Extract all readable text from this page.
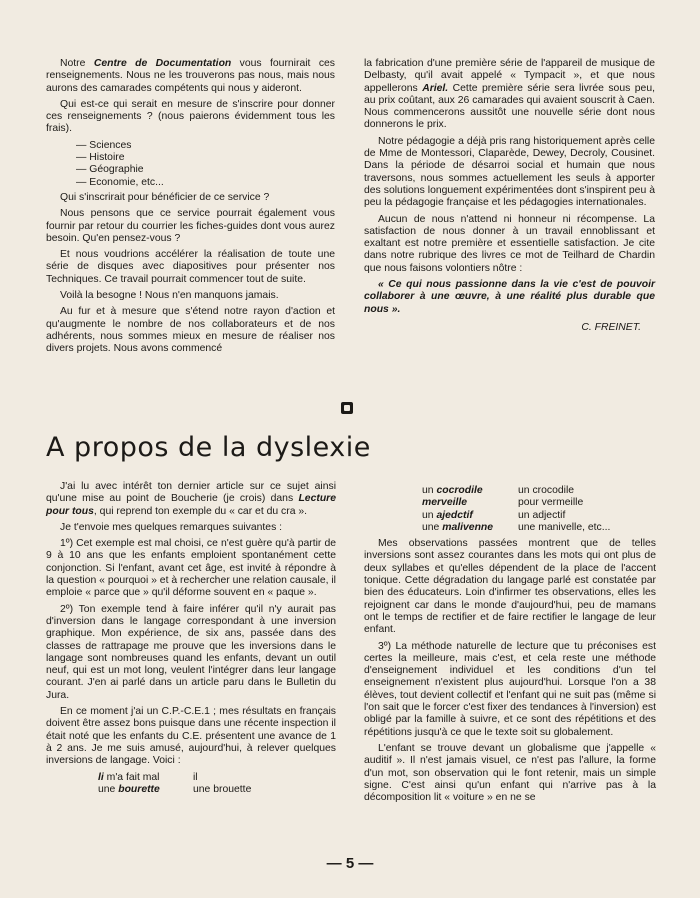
Notre Centre de Documentation vous fournirait ces renseignements. Nous ne les trouverons pas nous, mais nous aurons des camarades compétents qui nous y aideront.

Qui est-ce qui serait en mesure de s'inscrire pour donner ces renseignements ? (nous paierons évidemment tous les frais).

— Sciences
— Histoire
— Géographie
— Economie, etc...

Qui s'inscrirait pour bénéficier de ce service ?

Nous pensons que ce service pourrait également vous fournir par retour du courrier les fiches-guides dont vous aurez besoin. Qu'en pensez-vous ?

Et nous voudrions accélérer la réalisation de toute une série de disques avec diapositives pour présenter nos Techniques. Ce travail pourrait commencer tout de suite.

Voilà la besogne ! Nous n'en manquons jamais.

Au fur et à mesure que s'étend notre rayon d'action et qu'augmente le nombre de nos collaborateurs et de nos adhérents, nous sommes mieux en mesure de réaliser nos divers projets. Nous avons commencé

la fabrication d'une première série de l'appareil de musique de Delbasty, qu'il avait appelé « Tympacit », et que nous appellerons Ariel. Cette première série sera livrée sous peu, au prix coûtant, aux 26 camarades qui avaient souscrit à Caen. Nous commencerons aussitôt une nouvelle série dont nous donnerons le prix.

Notre pédagogie a déjà pris rang historiquement après celle de Mme de Montessori, Claparède, Dewey, Decroly, Cousinet. Dans la période de désarroi social et humain que nous traversons, nous sommes actuellement les seuls à apporter des solutions longuement expérimentées dont s'inspirent peu à peu la pédagogie française et les pédagogies internationales.

Aucun de nous n'attend ni honneur ni récompense. La satisfaction de nous donner à un travail ennoblissant et exaltant est notre première et essentielle satisfaction. Je cite dans notre rubrique des livres ce mot de Teilhard de Chardin que nous faisons volontiers nôtre :

« Ce qui nous passionne dans la vie c'est de pouvoir collaborer à une œuvre, à une réalité plus durable que nous ».

C. FREINET.
A propos de la dyslexie

J'ai lu avec intérêt ton dernier article sur ce sujet ainsi qu'une mise au point de Boucherie (je crois) dans Lecture pour tous, qui reprend ton exemple du « car et du cra ».

Je t'envoie mes quelques remarques suivantes :

1º) Cet exemple est mal choisi, ce n'est guère qu'à partir de 9 à 10 ans que les enfants emploient spontanément cette conjonction. Si l'enfant, avant cet âge, est invité à répondre à la question « pourquoi » et à rechercher une relation causale, il emploie « parce que » qu'il déforme souvent en « paque ».

2º) Ton exemple tend à faire inférer qu'il n'y aurait pas d'inversion dans le langage correspondant à une inversion graphique. Mon expérience, de six ans, passée dans des classes de rattrapage me prouve que les inversions dans le langage sont nombreuses quand les enfants, devant un outil neuf, qui est un mot long, veulent l'intégrer dans leur langage courant. J'en ai parlé dans un article paru dans le Bulletin du Jura.

En ce moment j'ai un C.P.-C.E.1 ; mes résultats en français doivent être assez bons puisque dans une récente inspection il était noté que les enfants du C.E. présentent une avance de 1 à 2 ans. Je me suis amusé, aujourd'hui, à relever quelques inversions de langage. Voici :

li m'a fait mal	il
une bourette	une brouette
un cocrodile	un crocodile
merveille	pour vermeille
un ajedctif	un adjectif
une malivenne	une manivelle, etc...

Mes observations passées montrent que de telles inversions sont assez courantes dans les mots qui ont plus de deux syllabes et qu'elles dépendent de la place de l'accent tonique. Cette dégradation du langage parlé est constatée par bien des éducateurs. Loin d'infirmer tes observations, elles les rejoignent car dans le monde d'aujourd'hui, peu de mamans ont le temps de rectifier et de faire rectifier le langage de leur enfant.

3º) La méthode naturelle de lecture que tu préconises est certes la meilleure, mais c'est, et cela reste une méthode d'enseignement individuel et les conditions d'un tel enseignement n'existent plus aujourd'hui. Lorsque l'on a 38 élèves, tout devient collectif et l'enfant qui ne suit pas (même si l'on sait que le forcer c'est fixer des tendances à l'inversion) est obligé par la famille à suivre, et ce sont des répétitions et des répétitions jusqu'à ce que le texte soit su globalement.

L'enfant se trouve devant un globalisme que j'appelle « auditif ». Il n'est jamais visuel, ce n'est pas l'allure, la forme d'un mot, son observation qui le font retenir, mais un simple signe. C'est ainsi qu'un enfant qui n'arrive pas à la décomposition lit « voiture » en ne se

— 5 —
